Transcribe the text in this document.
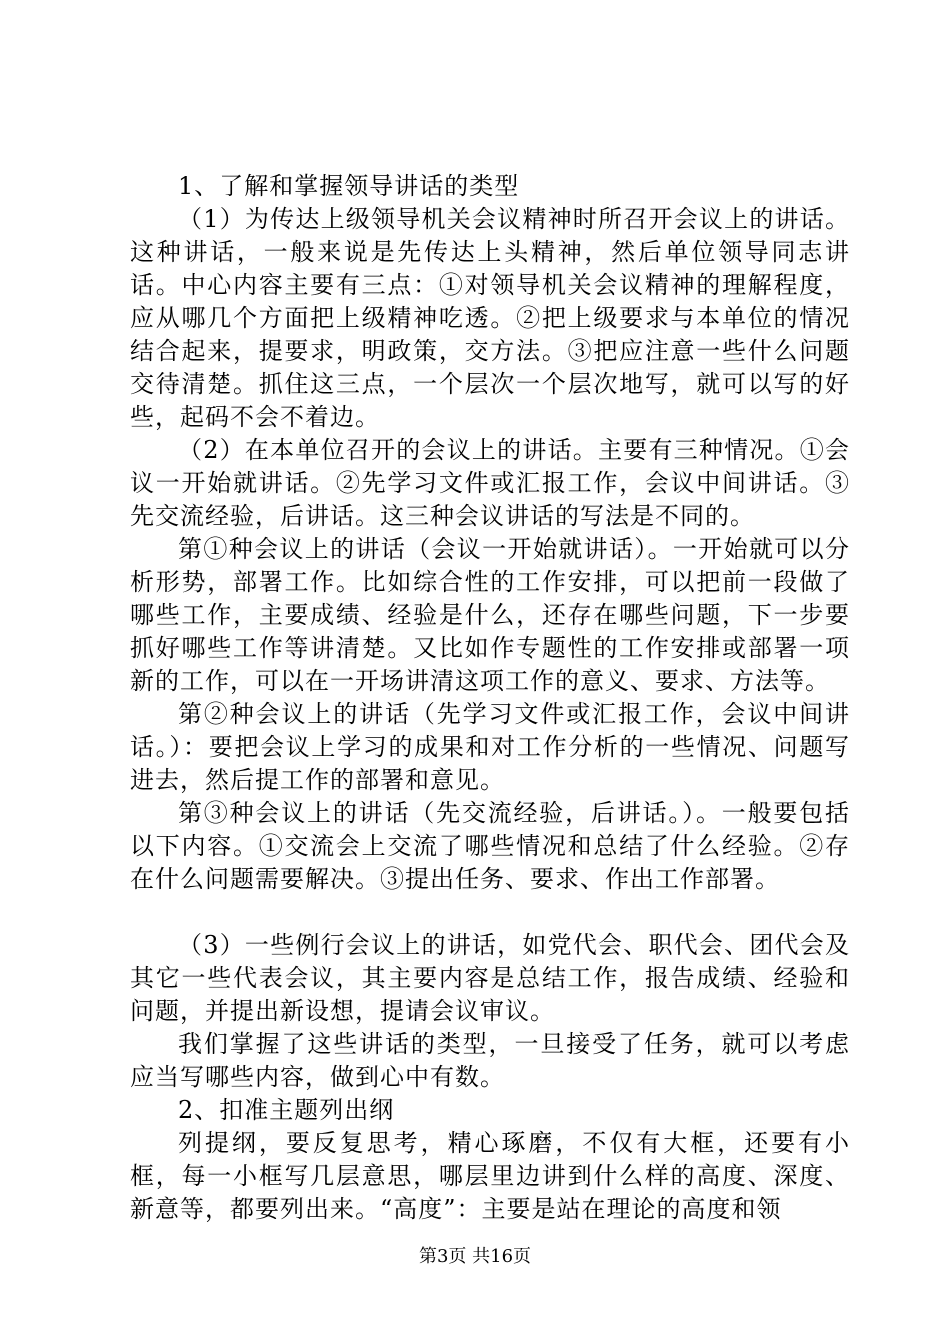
1、了解和掌握领导讲话的类型

（1）为传达上级领导机关会议精神时所召开会议上的讲话。这种讲话，一般来说是先传达上头精神，然后单位领导同志讲话。中心内容主要有三点：①对领导机关会议精神的理解程度，应从哪几个方面把上级精神吃透。②把上级要求与本单位的情况结合起来，提要求，明政策，交方法。③把应注意一些什么问题交待清楚。抓住这三点，一个层次一个层次地写，就可以写的好些，起码不会不着边。

（2）在本单位召开的会议上的讲话。主要有三种情况。①会议一开始就讲话。②先学习文件或汇报工作，会议中间讲话。③先交流经验，后讲话。这三种会议讲话的写法是不同的。

第①种会议上的讲话（会议一开始就讲话）。一开始就可以分析形势，部署工作。比如综合性的工作安排，可以把前一段做了哪些工作，主要成绩、经验是什么，还存在哪些问题，下一步要抓好哪些工作等讲清楚。又比如作专题性的工作安排或部署一项新的工作，可以在一开场讲清这项工作的意义、要求、方法等。

第②种会议上的讲话（先学习文件或汇报工作，会议中间讲话。）：要把会议上学习的成果和对工作分析的一些情况、问题写进去，然后提工作的部署和意见。

第③种会议上的讲话（先交流经验，后讲话。）。一般要包括以下内容。①交流会上交流了哪些情况和总结了什么经验。②存在什么问题需要解决。③提出任务、要求、作出工作部署。

（3）一些例行会议上的讲话，如党代会、职代会、团代会及其它一些代表会议，其主要内容是总结工作，报告成绩、经验和问题，并提出新设想，提请会议审议。

我们掌握了这些讲话的类型，一旦接受了任务，就可以考虑应当写哪些内容，做到心中有数。

2、扣准主题列出纲

列提纲，要反复思考，精心琢磨，不仅有大框，还要有小框，每一小框写几层意思，哪层里边讲到什么样的高度、深度、新意等，都要列出来。“高度”：主要是站在理论的高度和领

第3页 共16页
